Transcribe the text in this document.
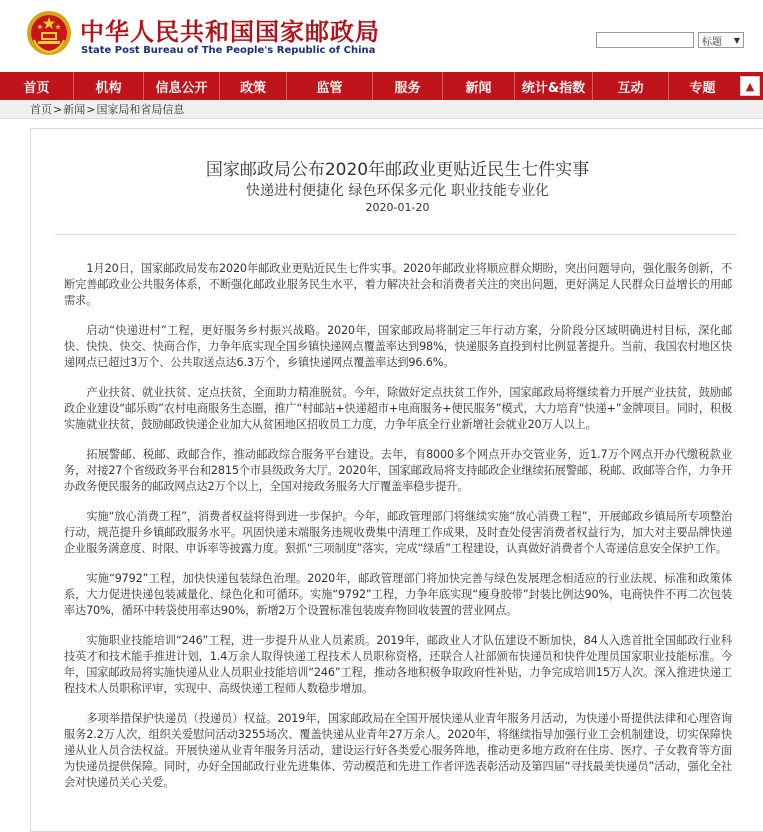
中华人民共和国国家邮政局
State Post Bureau of The People's Republic of China
标题 ▼
首页	机构	信息公开	政策	监管	服务	新闻	统计&指数	互动	专题	▲
首页 > 新闻 > 国家局和省局信息
国家邮政局公布2020年邮政业更贴近民生七件实事
快递进村便捷化 绿色环保多元化 职业技能专业化
2020-01-20

1月20日，国家邮政局发布2020年邮政业更贴近民生七件实事。2020年邮政业将顺应群众期盼，突出问题导向，强化服务创新，不断完善邮政业公共服务体系，不断强化邮政业服务民生水平，着力解决社会和消费者关注的突出问题，更好满足人民群众日益增长的用邮需求。

启动“快递进村”工程，更好服务乡村振兴战略。2020年，国家邮政局将制定三年行动方案，分阶段分区域明确进村目标，深化邮快、快快、快交、快商合作，力争年底实现全国乡镇快递网点覆盖率达到98%，快递服务直投到村比例显著提升。当前，我国农村地区快递网点已超过3万个、公共取送点达6.3万个，乡镇快递网点覆盖率达到96.6%。

产业扶贫、就业扶贫、定点扶贫，全面助力精准脱贫。今年，除做好定点扶贫工作外，国家邮政局将继续着力开展产业扶贫，鼓励邮政企业建设“邮乐购”农村电商服务生态圈，推广“村邮站+快递超市+电商服务+便民服务”模式，大力培育“快递+”金牌项目。同时，积极实施就业扶贫，鼓励邮政快递企业加大从贫困地区招收员工力度，力争年底全行业新增社会就业20万人以上。

拓展警邮、税邮、政邮合作，推动邮政综合服务平台建设。去年，有8000多个网点开办交管业务，近1.7万个网点开办代缴税款业务，对接27个省级政务平台和2815个市县级政务大厅。2020年，国家邮政局将支持邮政企业继续拓展警邮、税邮、政邮等合作，力争开办政务便民服务的邮政网点达2万个以上，全国对接政务服务大厅覆盖率稳步提升。

实施“放心消费工程”，消费者权益将得到进一步保护。今年，邮政管理部门将继续实施“放心消费工程”，开展邮政乡镇局所专项整治行动，规范提升乡镇邮政服务水平。巩固快递末端服务违规收费集中清理工作成果，及时查处侵害消费者权益行为，加大对主要品牌快递企业服务满意度、时限、申诉率等披露力度。狠抓“三项制度”落实，完成“绿盾”工程建设，认真做好消费者个人寄递信息安全保护工作。

实施“9792”工程，加快快递包装绿色治理。2020年，邮政管理部门将加快完善与绿色发展理念相适应的行业法规、标准和政策体系，大力促进快递包装减量化、绿色化和可循环。实施“9792”工程，力争年底实现“瘦身胶带”封装比例达90%，电商快件不再二次包装率达70%，循环中转袋使用率达90%，新增2万个设置标准包装废弃物回收装置的营业网点。

实施职业技能培训“246”工程，进一步提升从业人员素质。2019年，邮政业人才队伍建设不断加快，84人入选首批全国邮政行业科技英才和技术能手推进计划，1.4万余人取得快递工程技术人员职称资格，还联合人社部颁布快递员和快件处理员国家职业技能标准。今年，国家邮政局将实施快递从业人员职业技能培训“246”工程，推动各地积极争取政府性补贴，力争完成培训15万人次。深入推进快递工程技术人员职称评审，实现中、高级快递工程师人数稳步增加。

多项举措保护快递员（投递员）权益。2019年，国家邮政局在全国开展快递从业青年服务月活动，为快递小哥提供法律和心理咨询服务2.2万人次，组织关爱慰问活动3255场次、覆盖快递从业青年27万余人。2020年，将继续指导加强行业工会机制建设，切实保障快递从业人员合法权益。开展快递从业青年服务月活动，建设运行好各类爱心服务阵地，推动更多地方政府在住房、医疗、子女教育等方面为快递员提供保障。同时，办好全国邮政行业先进集体、劳动模范和先进工作者评选表彰活动及第四届“寻找最美快递员”活动，强化全社会对快递员关心关爱。
